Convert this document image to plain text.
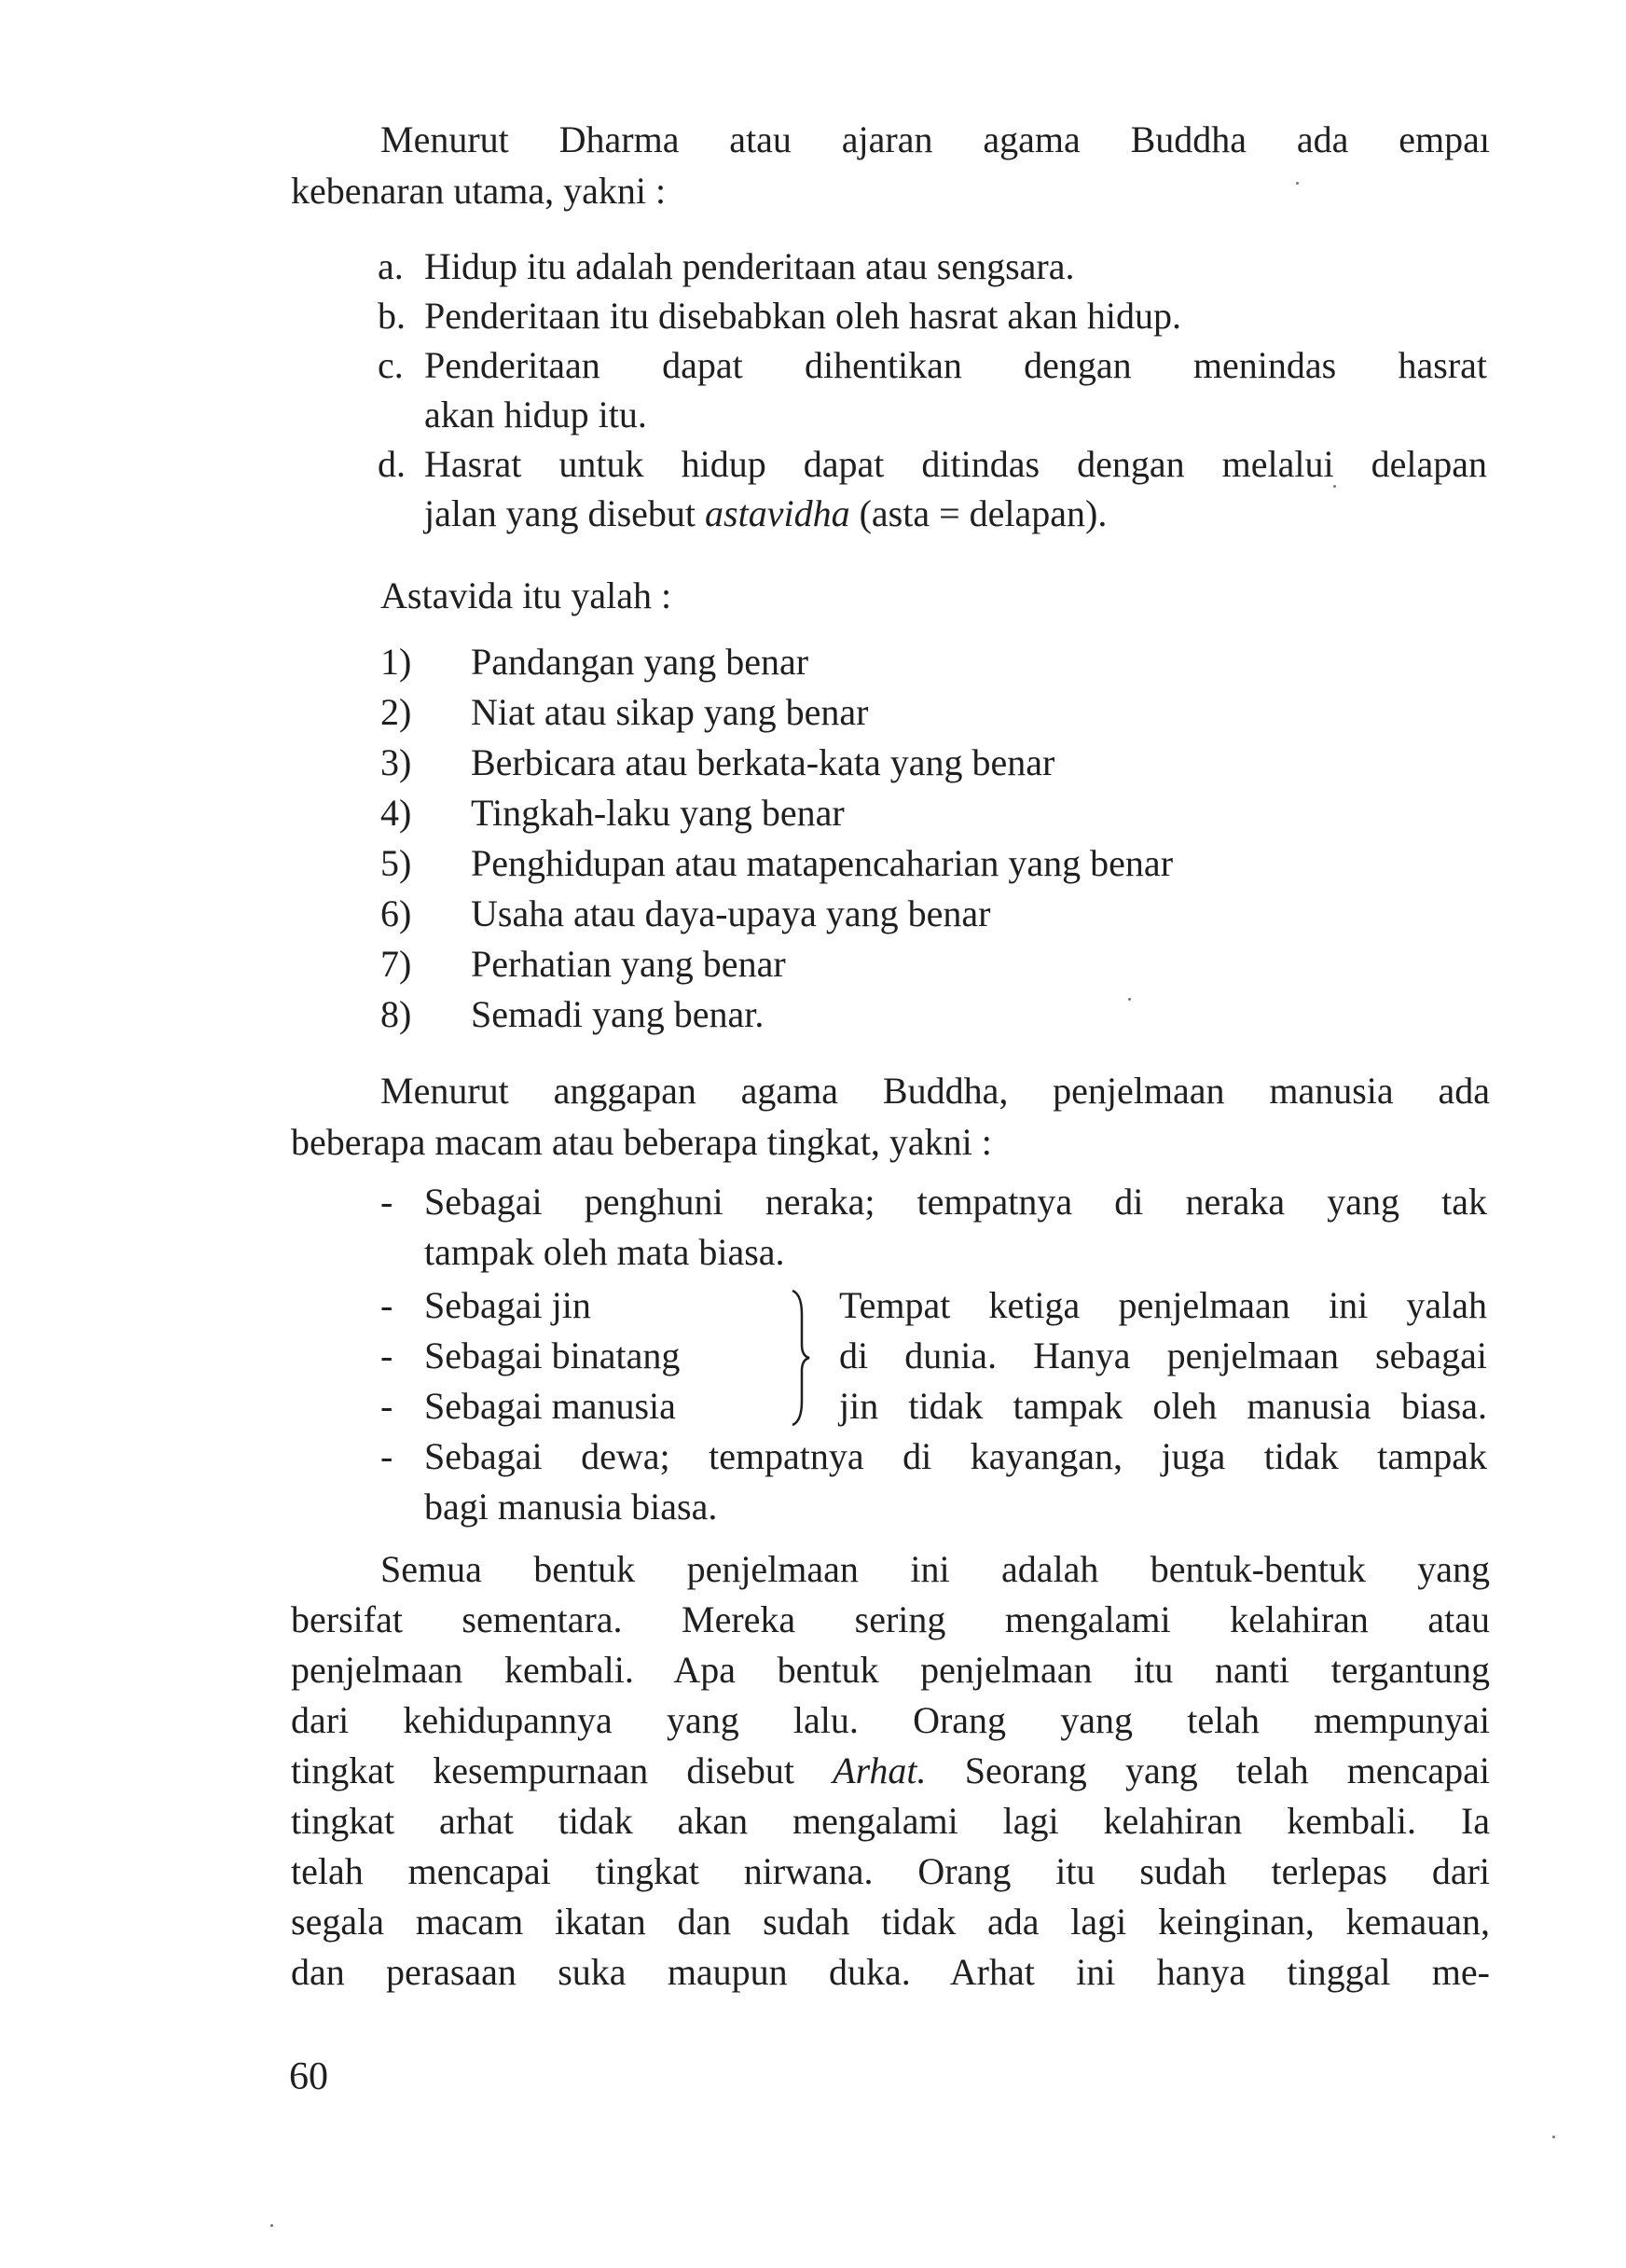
Menurut Dharma atau ajaran agama Buddha ada empaı
kebenaran utama, yakni :
a. Hidup itu adalah penderitaan atau sengsara.
b. Penderitaan itu disebabkan oleh hasrat akan hidup.
c. Penderitaan dapat dihentikan dengan menindas hasrat
akan hidup itu.
d. Hasrat untuk hidup dapat ditindas dengan melalui delapan
jalan yang disebut astavidha (asta = delapan).
Astavida itu yalah :
1) Pandangan yang benar
2) Niat atau sikap yang benar
3) Berbicara atau berkata-kata yang benar
4) Tingkah-laku yang benar
5) Penghidupan atau matapencaharian yang benar
6) Usaha atau daya-upaya yang benar
7) Perhatian yang benar
8) Semadi yang benar.
Menurut anggapan agama Buddha, penjelmaan manusia ada
beberapa macam atau beberapa tingkat, yakni :
- Sebagai penghuni neraka; tempatnya di neraka yang tak
tampak oleh mata biasa.
- Sebagai jin
- Sebagai binatang
- Sebagai manusia
Tempat ketiga penjelmaan ini yalah
di dunia. Hanya penjelmaan sebagai
jin tidak tampak oleh manusia biasa.
- Sebagai dewa; tempatnya di kayangan, juga tidak tampak
bagi manusia biasa.
Semua bentuk penjelmaan ini adalah bentuk-bentuk yang
bersifat sementara. Mereka sering mengalami kelahiran atau
penjelmaan kembali. Apa bentuk penjelmaan itu nanti tergantung
dari kehidupannya yang lalu. Orang yang telah mempunyai
tingkat kesempurnaan disebut Arhat. Seorang yang telah mencapai
tingkat arhat tidak akan mengalami lagi kelahiran kembali. Ia
telah mencapai tingkat nirwana. Orang itu sudah terlepas dari
segala macam ikatan dan sudah tidak ada lagi keinginan, kemauan,
dan perasaan suka maupun duka. Arhat ini hanya tinggal me-
60
